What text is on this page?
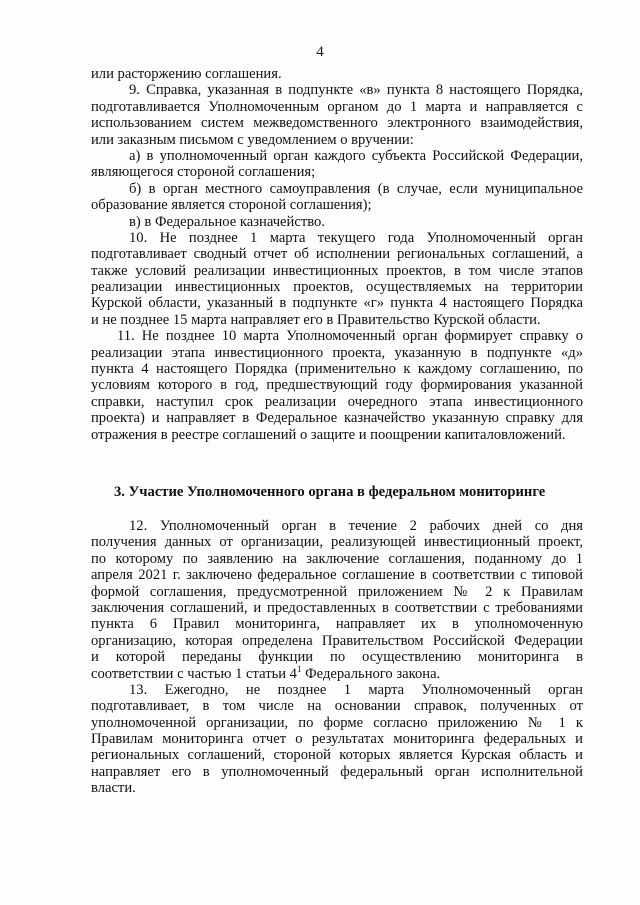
4
или расторжению соглашения.
9. Справка, указанная в подпункте «в» пункта 8 настоящего Порядка,
подготавливается Уполномоченным органом до 1 марта и направляется с
использованием систем межведомственного электронного взаимодействия,
или заказным письмом с уведомлением о вручении:
а) в уполномоченный орган каждого субъекта Российской Федерации,
являющегося стороной соглашения;
б) в орган местного самоуправления (в случае, если муниципальное
образование является стороной соглашения);
в) в Федеральное казначейство.
10. Не позднее 1 марта текущего года Уполномоченный орган
подготавливает сводный отчет об исполнении региональных соглашений, а
также условий реализации инвестиционных проектов, в том числе этапов
реализации инвестиционных проектов, осуществляемых на территории
Курской области, указанный в подпункте «г» пункта 4 настоящего Порядка
и не позднее 15 марта направляет его в Правительство Курской области.
11. Не позднее 10 марта Уполномоченный орган формирует справку о
реализации этапа инвестиционного проекта, указанную в подпункте «д»
пункта 4 настоящего Порядка (применительно к каждому соглашению, по
условиям которого в год, предшествующий году формирования указанной
справки, наступил срок реализации очередного этапа инвестиционного
проекта) и направляет в Федеральное казначейство указанную справку для
отражения в реестре соглашений о защите и поощрении капиталовложений.
3. Участие Уполномоченного органа в федеральном мониторинге
12. Уполномоченный орган в течение 2 рабочих дней со дня
получения данных от организации, реализующей инвестиционный проект,
по которому по заявлению на заключение соглашения, поданному до 1
апреля 2021 г. заключено федеральное соглашение в соответствии с типовой
формой соглашения, предусмотренной приложением № 2 к Правилам
заключения соглашений, и предоставленных в соответствии с требованиями
пункта 6 Правил мониторинга, направляет их в уполномоченную
организацию, которая определена Правительством Российской Федерации
и которой переданы функции по осуществлению мониторинга в
соответствии с частью 1 статьи $4^1$ Федерального закона.
13. Ежегодно, не позднее 1 марта Уполномоченный орган
подготавливает, в том числе на основании справок, полученных от
уполномоченной организации, по форме согласно приложению № 1 к
Правилам мониторинга отчет о результатах мониторинга федеральных и
региональных соглашений, стороной которых является Курская область и
направляет его в уполномоченный федеральный орган исполнительной
власти.
